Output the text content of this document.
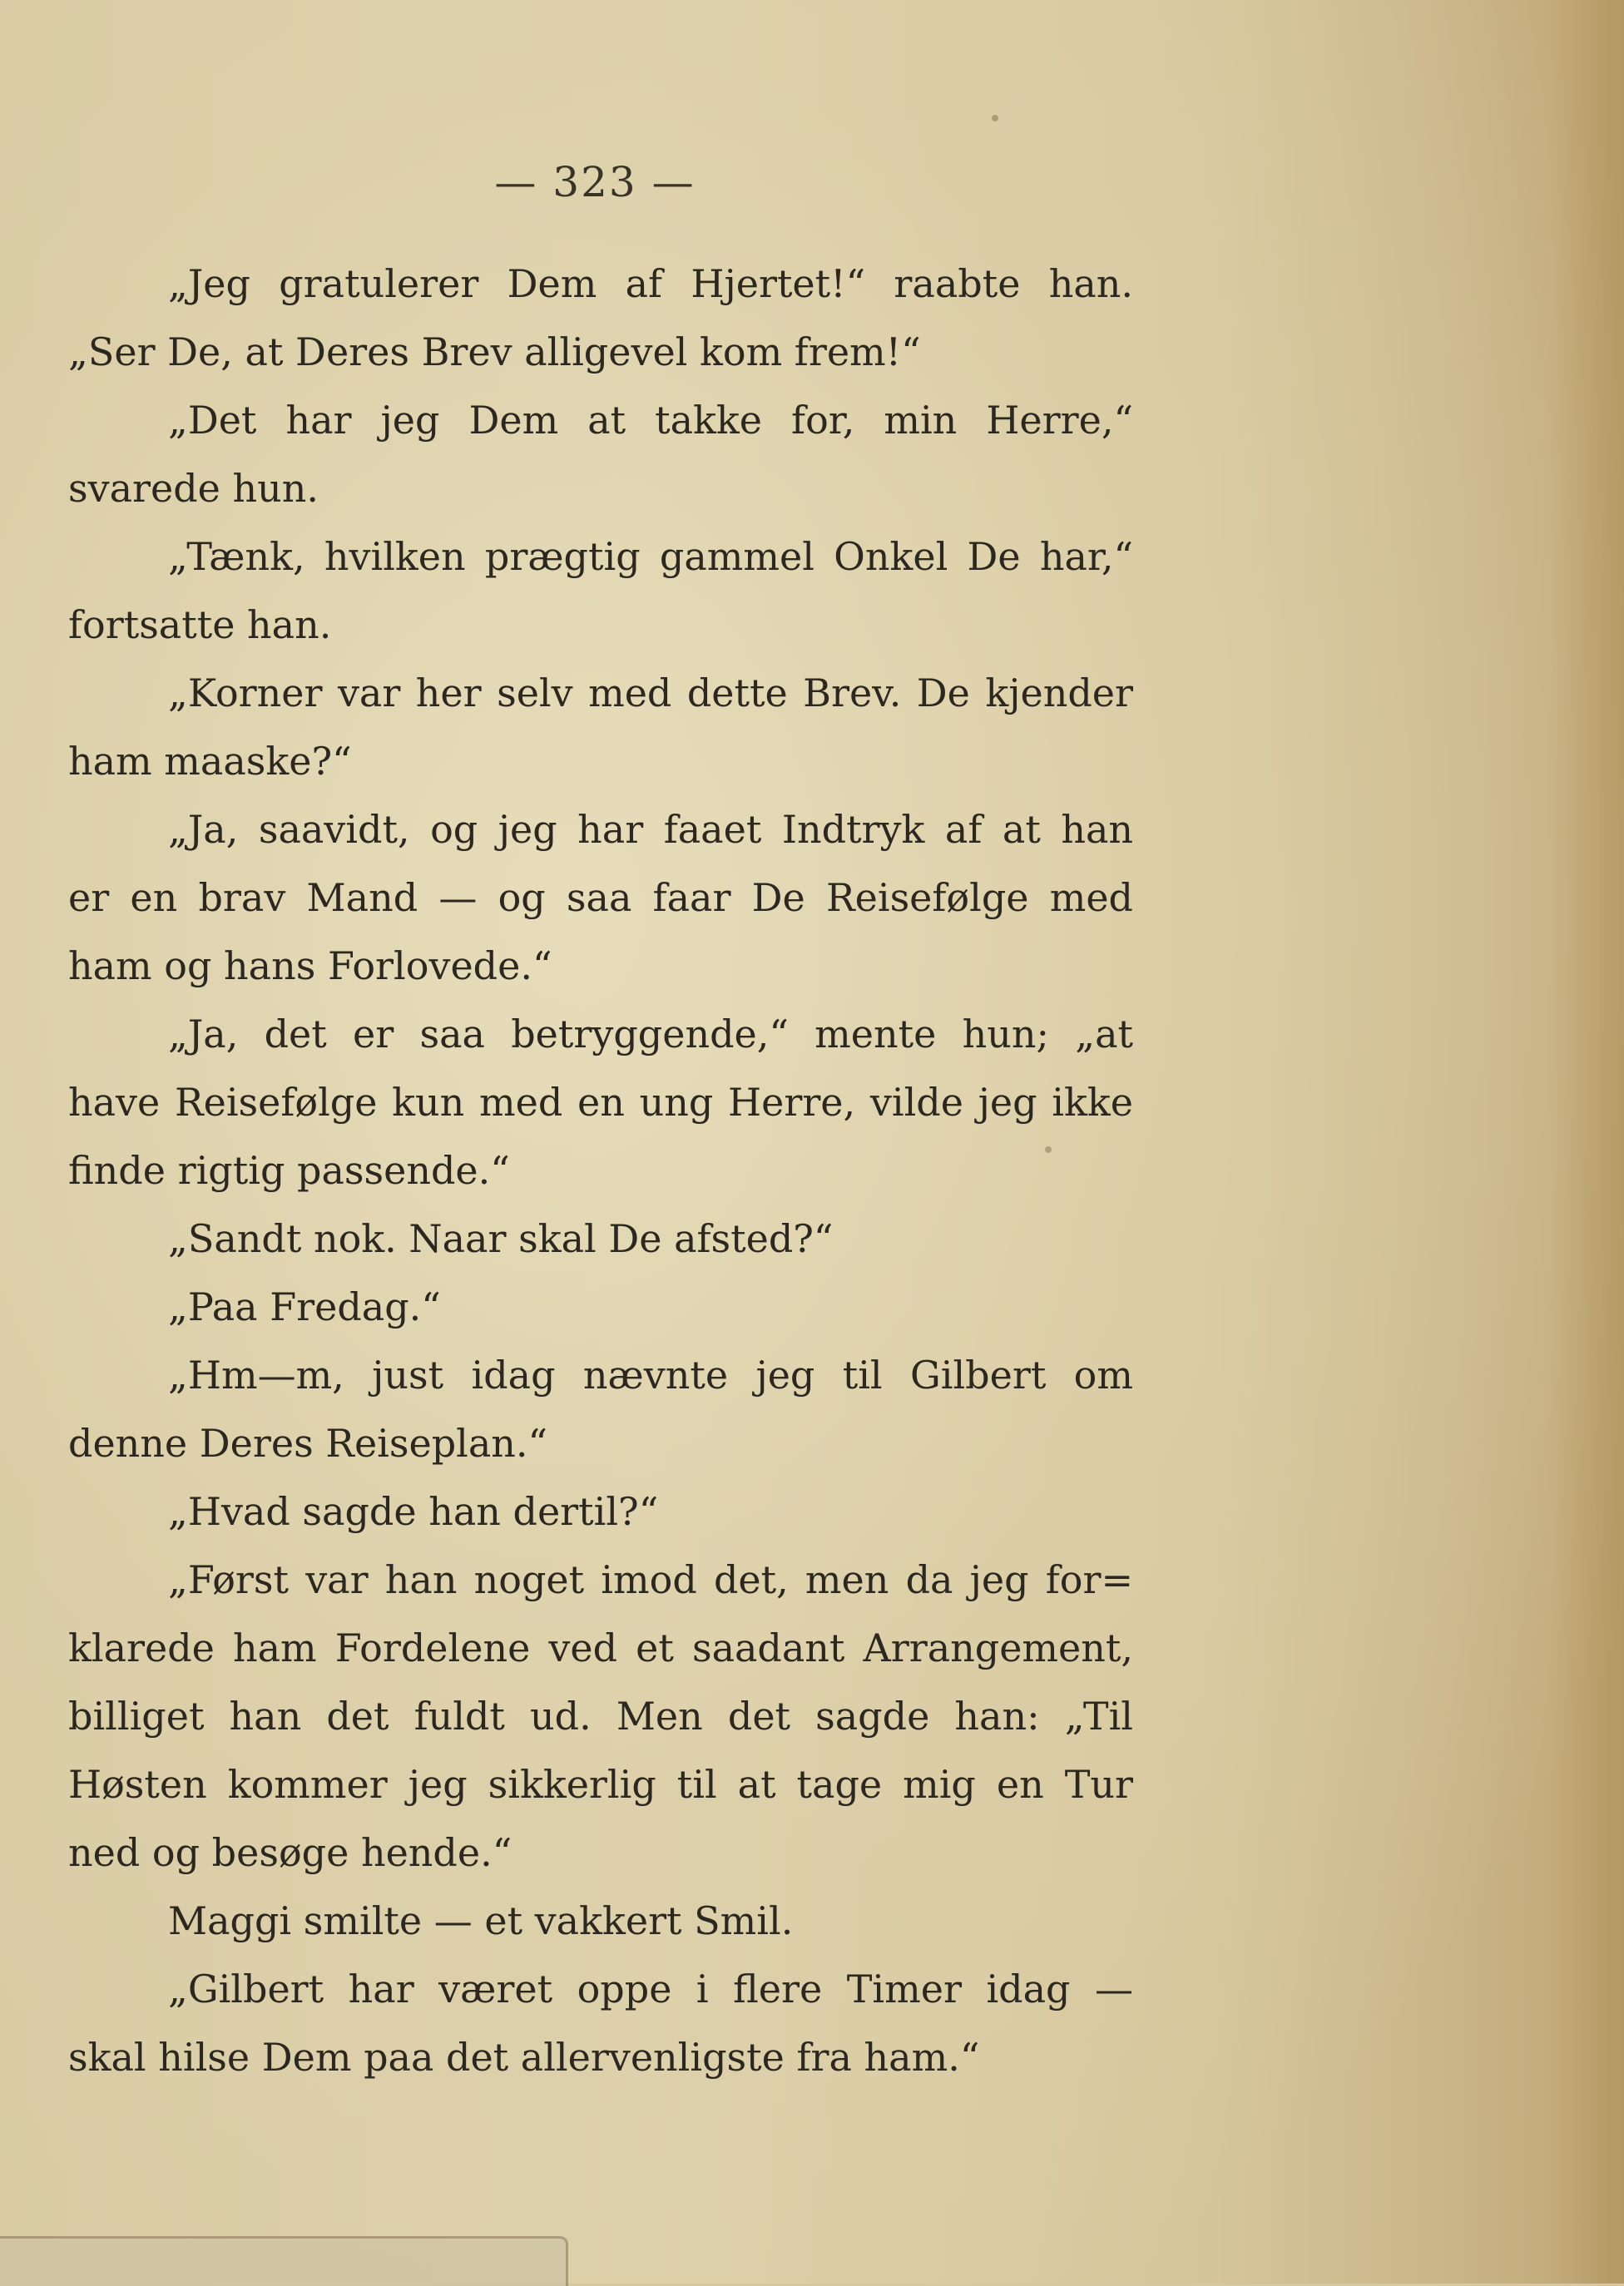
— 323 —
„Jeg gratulerer Dem af Hjertet!“ raabte han.
„Ser De, at Deres Brev alligevel kom frem!“
„Det har jeg Dem at takke for, min Herre,“
svarede hun.
„Tænk, hvilken prægtig gammel Onkel De har,“
fortsatte han.
„Korner var her selv med dette Brev. De kjender
ham maaske?“
„Ja, saavidt, og jeg har faaet Indtryk af at han
er en brav Mand — og saa faar De Reisefølge med
ham og hans Forlovede.“
„Ja, det er saa betryggende,“ mente hun; „at
have Reisefølge kun med en ung Herre, vilde jeg ikke
finde rigtig passende.“
„Sandt nok. Naar skal De afsted?“
„Paa Fredag.“
„Hm—m, just idag nævnte jeg til Gilbert om
denne Deres Reiseplan.“
„Hvad sagde han dertil?“
„Først var han noget imod det, men da jeg for=
klarede ham Fordelene ved et saadant Arrangement,
billiget han det fuldt ud. Men det sagde han: „Til
Høsten kommer jeg sikkerlig til at tage mig en Tur
ned og besøge hende.“
Maggi smilte — et vakkert Smil.
„Gilbert har været oppe i flere Timer idag —
skal hilse Dem paa det allervenligste fra ham.“
